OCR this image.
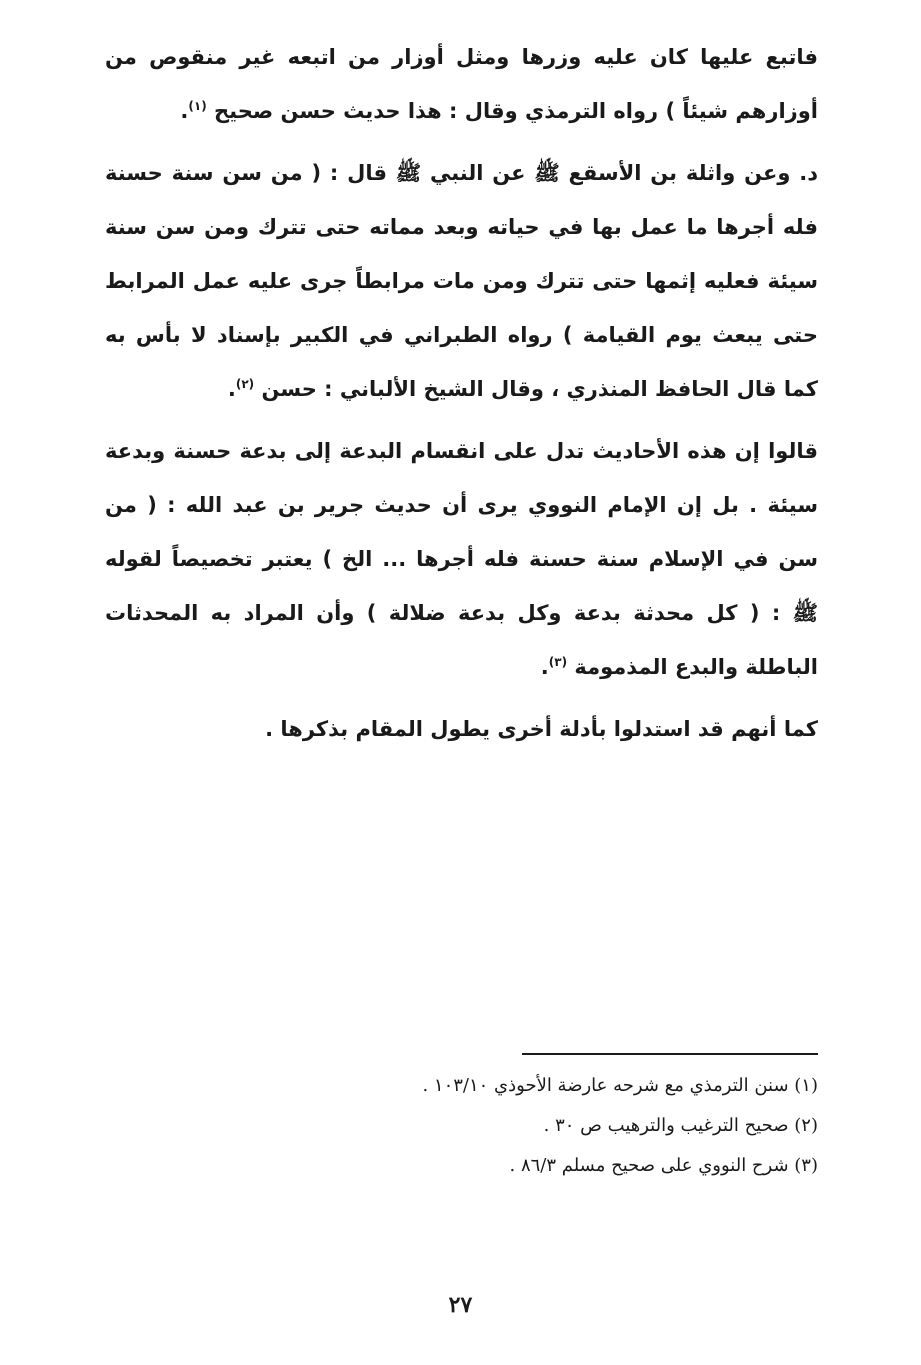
فاتبع عليها كان عليه وزرها ومثل أوزار من اتبعه غير منقوص من أوزارهم شيئاً ) رواه الترمذي وقال : هذا حديث حسن صحيح $^{(١)}$.

د. وعن واثلة بن الأسقع ﷺ عن النبي ﷺ قال : ( من سن سنة حسنة فله أجرها ما عمل بها في حياته وبعد مماته حتى تترك ومن سن سنة سيئة فعليه إثمها حتى تترك ومن مات مرابطاً جرى عليه عمل المرابط حتى يبعث يوم القيامة ) رواه الطبراني في الكبير بإسناد لا بأس به كما قال الحافظ المنذري ، وقال الشيخ الألباني : حسن $^{(٢)}$.

قالوا إن هذه الأحاديث تدل على انقسام البدعة إلى بدعة حسنة وبدعة سيئة . بل إن الإمام النووي يرى أن حديث جرير بن عبد الله : ( من سن في الإسلام سنة حسنة فله أجرها ... الخ ) يعتبر تخصيصاً لقوله ﷺ : ( كل محدثة بدعة وكل بدعة ضلالة ) وأن المراد به المحدثات الباطلة والبدع المذمومة $^{(٣)}$.

كما أنهم قد استدلوا بأدلة أخرى يطول المقام بذكرها .

(١) سنن الترمذي مع شرحه عارضة الأحوذي ١٠٣/١٠ .

(٢) صحيح الترغيب والترهيب ص ٣٠ .

(٣) شرح النووي على صحيح مسلم ٨٦/٣ .

٢٧
